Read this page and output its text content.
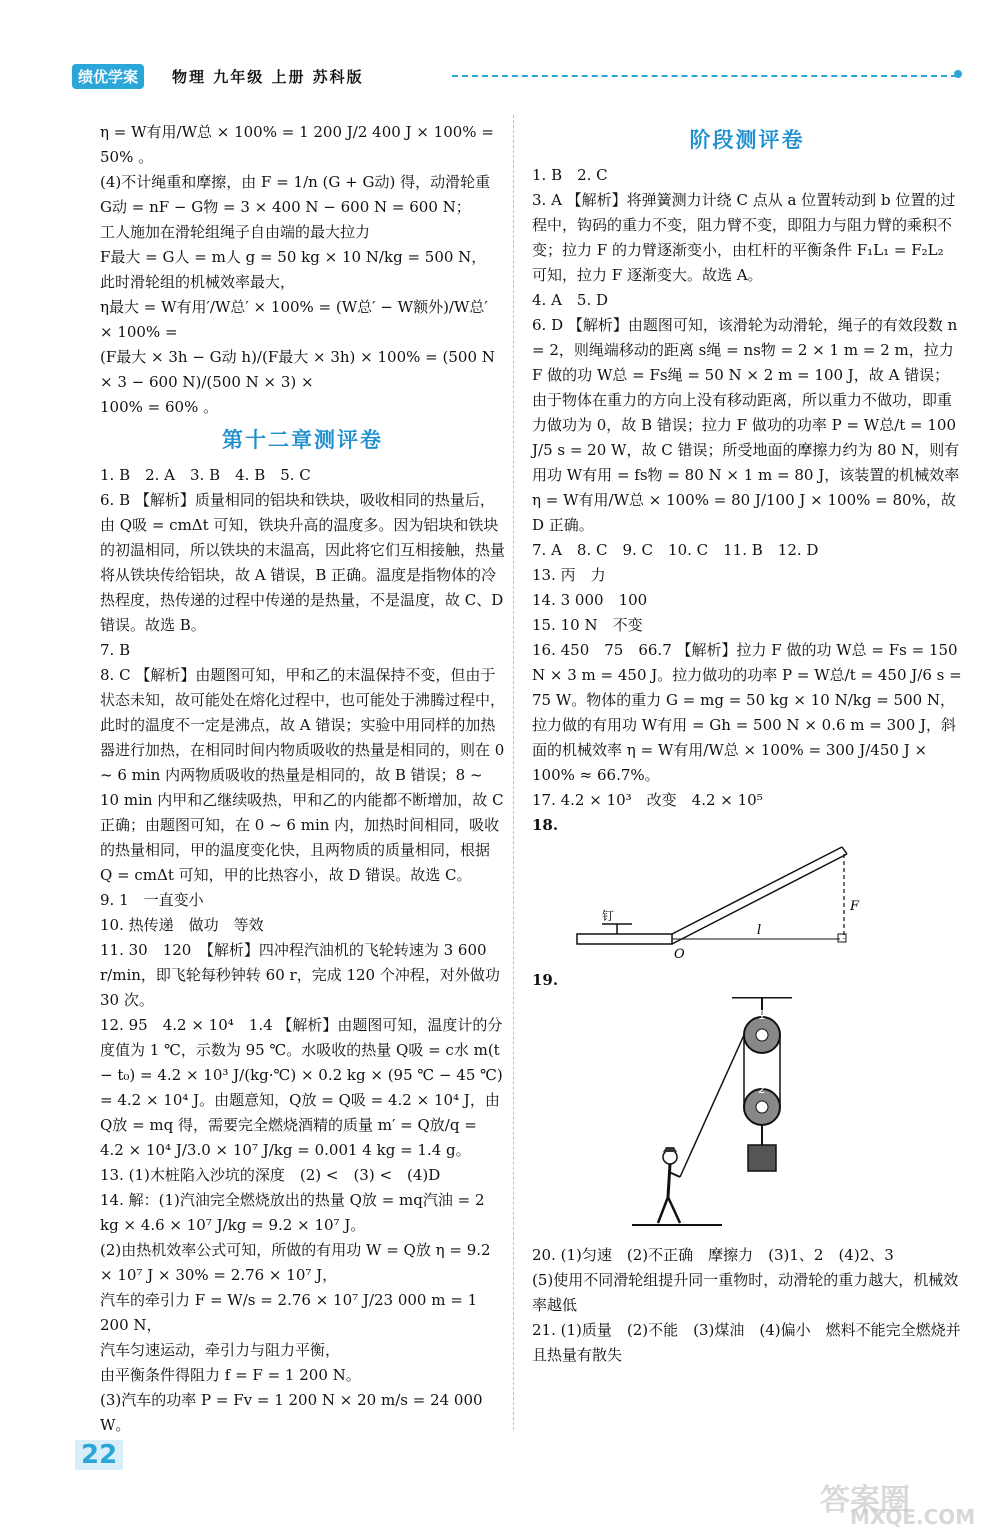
绩优学案	物理 九年级 上册 苏科版

η = W有用/W总 × 100% = 1 200 J/2 400 J × 100% = 50% 。

(4)不计绳重和摩擦，由 F = 1/n (G + G动) 得，动滑轮重

G动 = nF − G物 = 3 × 400 N − 600 N = 600 N；

工人施加在滑轮组绳子自由端的最大拉力

F最大 = G人 = m人 g = 50 kg × 10 N/kg = 500 N，

此时滑轮组的机械效率最大，

η最大 = W有用′/W总′ × 100% = (W总′ − W额外)/W总′ × 100% =

(F最大 × 3h − G动 h)/(F最大 × 3h) × 100% = (500 N × 3 − 600 N)/(500 N × 3) ×

100% = 60% 。

第十二章测评卷

1. B　2. A　3. B　4. B　5. C

6. B 【解析】质量相同的铝块和铁块，吸收相同的热量后，由 Q吸 = cmΔt 可知，铁块升高的温度多。因为铝块和铁块的初温相同，所以铁块的末温高，因此将它们互相接触，热量将从铁块传给铝块，故 A 错误，B 正确。温度是指物体的冷热程度，热传递的过程中传递的是热量，不是温度，故 C、D 错误。故选 B。

7. B

8. C 【解析】由题图可知，甲和乙的末温保持不变，但由于状态未知，故可能处在熔化过程中，也可能处于沸腾过程中，此时的温度不一定是沸点，故 A 错误；实验中用同样的加热器进行加热，在相同时间内物质吸收的热量是相同的，则在 0 ~ 6 min 内两物质吸收的热量是相同的，故 B 错误；8 ~ 10 min 内甲和乙继续吸热，甲和乙的内能都不断增加，故 C 正确；由题图可知，在 0 ~ 6 min 内，加热时间相同，吸收的热量相同，甲的温度变化快，且两物质的质量相同，根据 Q = cmΔt 可知，甲的比热容小，故 D 错误。故选 C。

9. 1　一直变小

10. 热传递　做功　等效

11. 30　120　【解析】四冲程汽油机的飞轮转速为 3 600 r/min，即飞轮每秒钟转 60 r，完成 120 个冲程，对外做功 30 次。

12. 95　4.2 × 10⁴　1.4 【解析】由题图可知，温度计的分度值为 1 ℃，示数为 95 ℃。水吸收的热量 Q吸 = c水 m(t − t₀) = 4.2 × 10³ J/(kg·℃) × 0.2 kg × (95 ℃ − 45 ℃) = 4.2 × 10⁴ J。由题意知，Q放 = Q吸 = 4.2 × 10⁴ J，由 Q放 = mq 得，需要完全燃烧酒精的质量 m′ = Q放/q = 4.2 × 10⁴ J/3.0 × 10⁷ J/kg = 0.001 4 kg = 1.4 g。

13. (1)木桩陷入沙坑的深度　(2) <　(3) <　(4)D

14. 解：(1)汽油完全燃烧放出的热量 Q放 = mq汽油 = 2 kg × 4.6 × 10⁷ J/kg = 9.2 × 10⁷ J。

(2)由热机效率公式可知，所做的有用功 W = Q放 η = 9.2 × 10⁷ J × 30% = 2.76 × 10⁷ J，

汽车的牵引力 F = W/s = 2.76 × 10⁷ J/23 000 m = 1 200 N，

汽车匀速运动，牵引力与阻力平衡，

由平衡条件得阻力 f = F = 1 200 N。

(3)汽车的功率 P = Fv = 1 200 N × 20 m/s = 24 000 W。

阶段测评卷

1. B　2. C

3. A 【解析】将弹簧测力计绕 C 点从 a 位置转动到 b 位置的过程中，钩码的重力不变，阻力臂不变，即阻力与阻力臂的乘积不变；拉力 F 的力臂逐渐变小，由杠杆的平衡条件 F₁L₁ = F₂L₂ 可知，拉力 F 逐渐变大。故选 A。

4. A　5. D

6. D 【解析】由题图可知，该滑轮为动滑轮，绳子的有效段数 n = 2，则绳端移动的距离 s绳 = ns物 = 2 × 1 m = 2 m，拉力 F 做的功 W总 = Fs绳 = 50 N × 2 m = 100 J，故 A 错误；由于物体在重力的方向上没有移动距离，所以重力不做功，即重力做功为 0，故 B 错误；拉力 F 做功的功率 P = W总/t = 100 J/5 s = 20 W，故 C 错误；所受地面的摩擦力约为 80 N，则有用功 W有用 = fs物 = 80 N × 1 m = 80 J，该装置的机械效率 η = W有用/W总 × 100% = 80 J/100 J × 100% = 80%，故 D 正确。

7. A　8. C　9. C　10. C　11. B　12. D

13. 丙　力

14. 3 000　100

15. 10 N　不变

16. 450　75　66.7 【解析】拉力 F 做的功 W总 = Fs = 150 N × 3 m = 450 J。拉力做功的功率 P = W总/t = 450 J/6 s = 75 W。物体的重力 G = mg = 50 kg × 10 N/kg = 500 N，拉力做的有用功 W有用 = Gh = 500 N × 0.6 m = 300 J，斜面的机械效率 η = W有用/W总 × 100% = 300 J/450 J × 100% ≈ 66.7%。

17. 4.2 × 10³　改变　4.2 × 10⁵

18.

钉
O
l
F

19.

1
2

20. (1)匀速　(2)不正确　摩擦力　(3)1、2　(4)2、3

(5)使用不同滑轮组提升同一重物时，动滑轮的重力越大，机械效率越低

21. (1)质量　(2)不能　(3)煤油　(4)偏小　燃料不能完全燃烧并且热量有散失

22
答案圈
MXQE.COM
